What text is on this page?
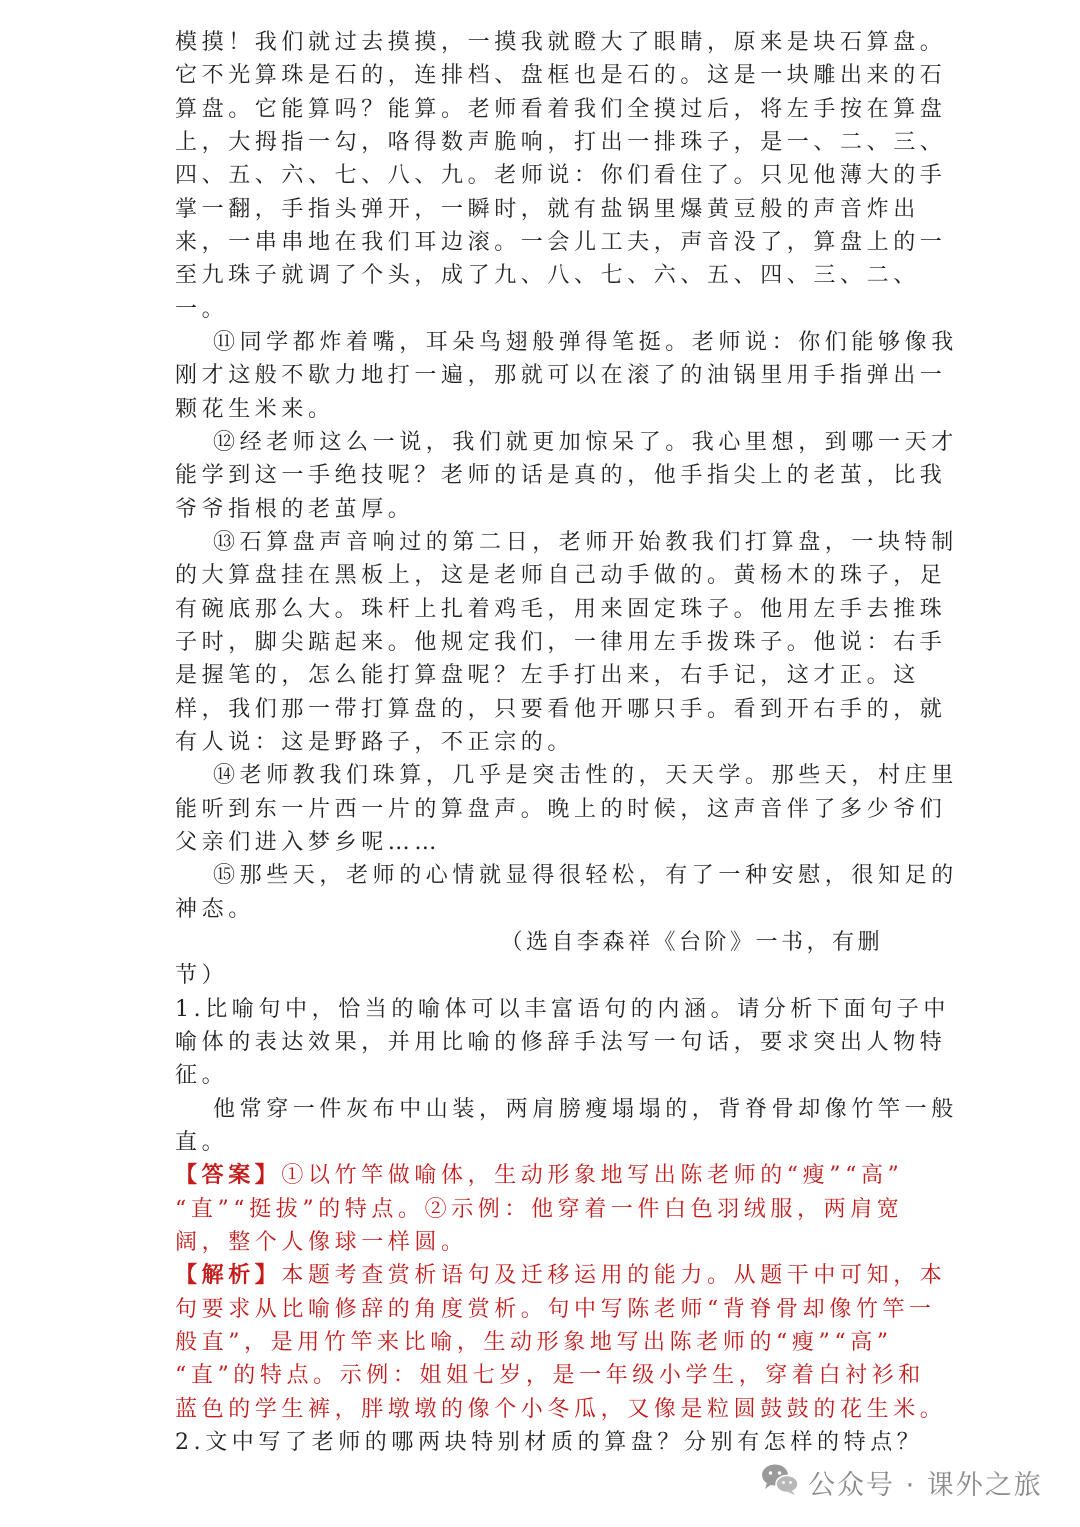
模摸！我们就过去摸摸，一摸我就瞪大了眼睛，原来是块石算盘。
它不光算珠是石的，连排档、盘框也是石的。这是一块雕出来的石
算盘。它能算吗？能算。老师看着我们全摸过后，将左手按在算盘
上，大拇指一勾，咯得数声脆响，打出一排珠子，是一、二、三、
四、五、六、七、八、九。老师说：你们看住了。只见他薄大的手
掌一翻，手指头弹开，一瞬时，就有盐锅里爆黄豆般的声音炸出
来，一串串地在我们耳边滚。一会儿工夫，声音没了，算盘上的一
至九珠子就调了个头，成了九、八、七、六、五、四、三、二、
一。
⑪同学都炸着嘴，耳朵鸟翅般弹得笔挺。老师说：你们能够像我
刚才这般不歇力地打一遍，那就可以在滚了的油锅里用手指弹出一
颗花生米来。
⑫经老师这么一说，我们就更加惊呆了。我心里想，到哪一天才
能学到这一手绝技呢？老师的话是真的，他手指尖上的老茧，比我
爷爷指根的老茧厚。
⑬石算盘声音响过的第二日，老师开始教我们打算盘，一块特制
的大算盘挂在黑板上，这是老师自己动手做的。黄杨木的珠子，足
有碗底那么大。珠杆上扎着鸡毛，用来固定珠子。他用左手去推珠
子时，脚尖踮起来。他规定我们，一律用左手拨珠子。他说：右手
是握笔的，怎么能打算盘呢？左手打出来，右手记，这才正。这
样，我们那一带打算盘的，只要看他开哪只手。看到开右手的，就
有人说：这是野路子，不正宗的。
⑭老师教我们珠算，几乎是突击性的，天天学。那些天，村庄里
能听到东一片西一片的算盘声。晚上的时候，这声音伴了多少爷们
父亲们进入梦乡呢……
⑮那些天，老师的心情就显得很轻松，有了一种安慰，很知足的
神态。
（选自李森祥《台阶》一书，有删
节）
1.比喻句中，恰当的喻体可以丰富语句的内涵。请分析下面句子中
喻体的表达效果，并用比喻的修辞手法写一句话，要求突出人物特
征。
他常穿一件灰布中山装，两肩膀瘦塌塌的，背脊骨却像竹竿一般
直。
【答案】①以竹竿做喻体，生动形象地写出陈老师的“瘦”“高”
“直”“挺拔”的特点。②示例：他穿着一件白色羽绒服，两肩宽
阔，整个人像球一样圆。
【解析】本题考查赏析语句及迁移运用的能力。从题干中可知，本
句要求从比喻修辞的角度赏析。句中写陈老师“背脊骨却像竹竿一
般直”，是用竹竿来比喻，生动形象地写出陈老师的“瘦”“高”
“直”的特点。示例：姐姐七岁，是一年级小学生，穿着白衬衫和
蓝色的学生裤，胖墩墩的像个小冬瓜，又像是粒圆鼓鼓的花生米。
2.文中写了老师的哪两块特别材质的算盘？分别有怎样的特点？
公众号 · 课外之旅
